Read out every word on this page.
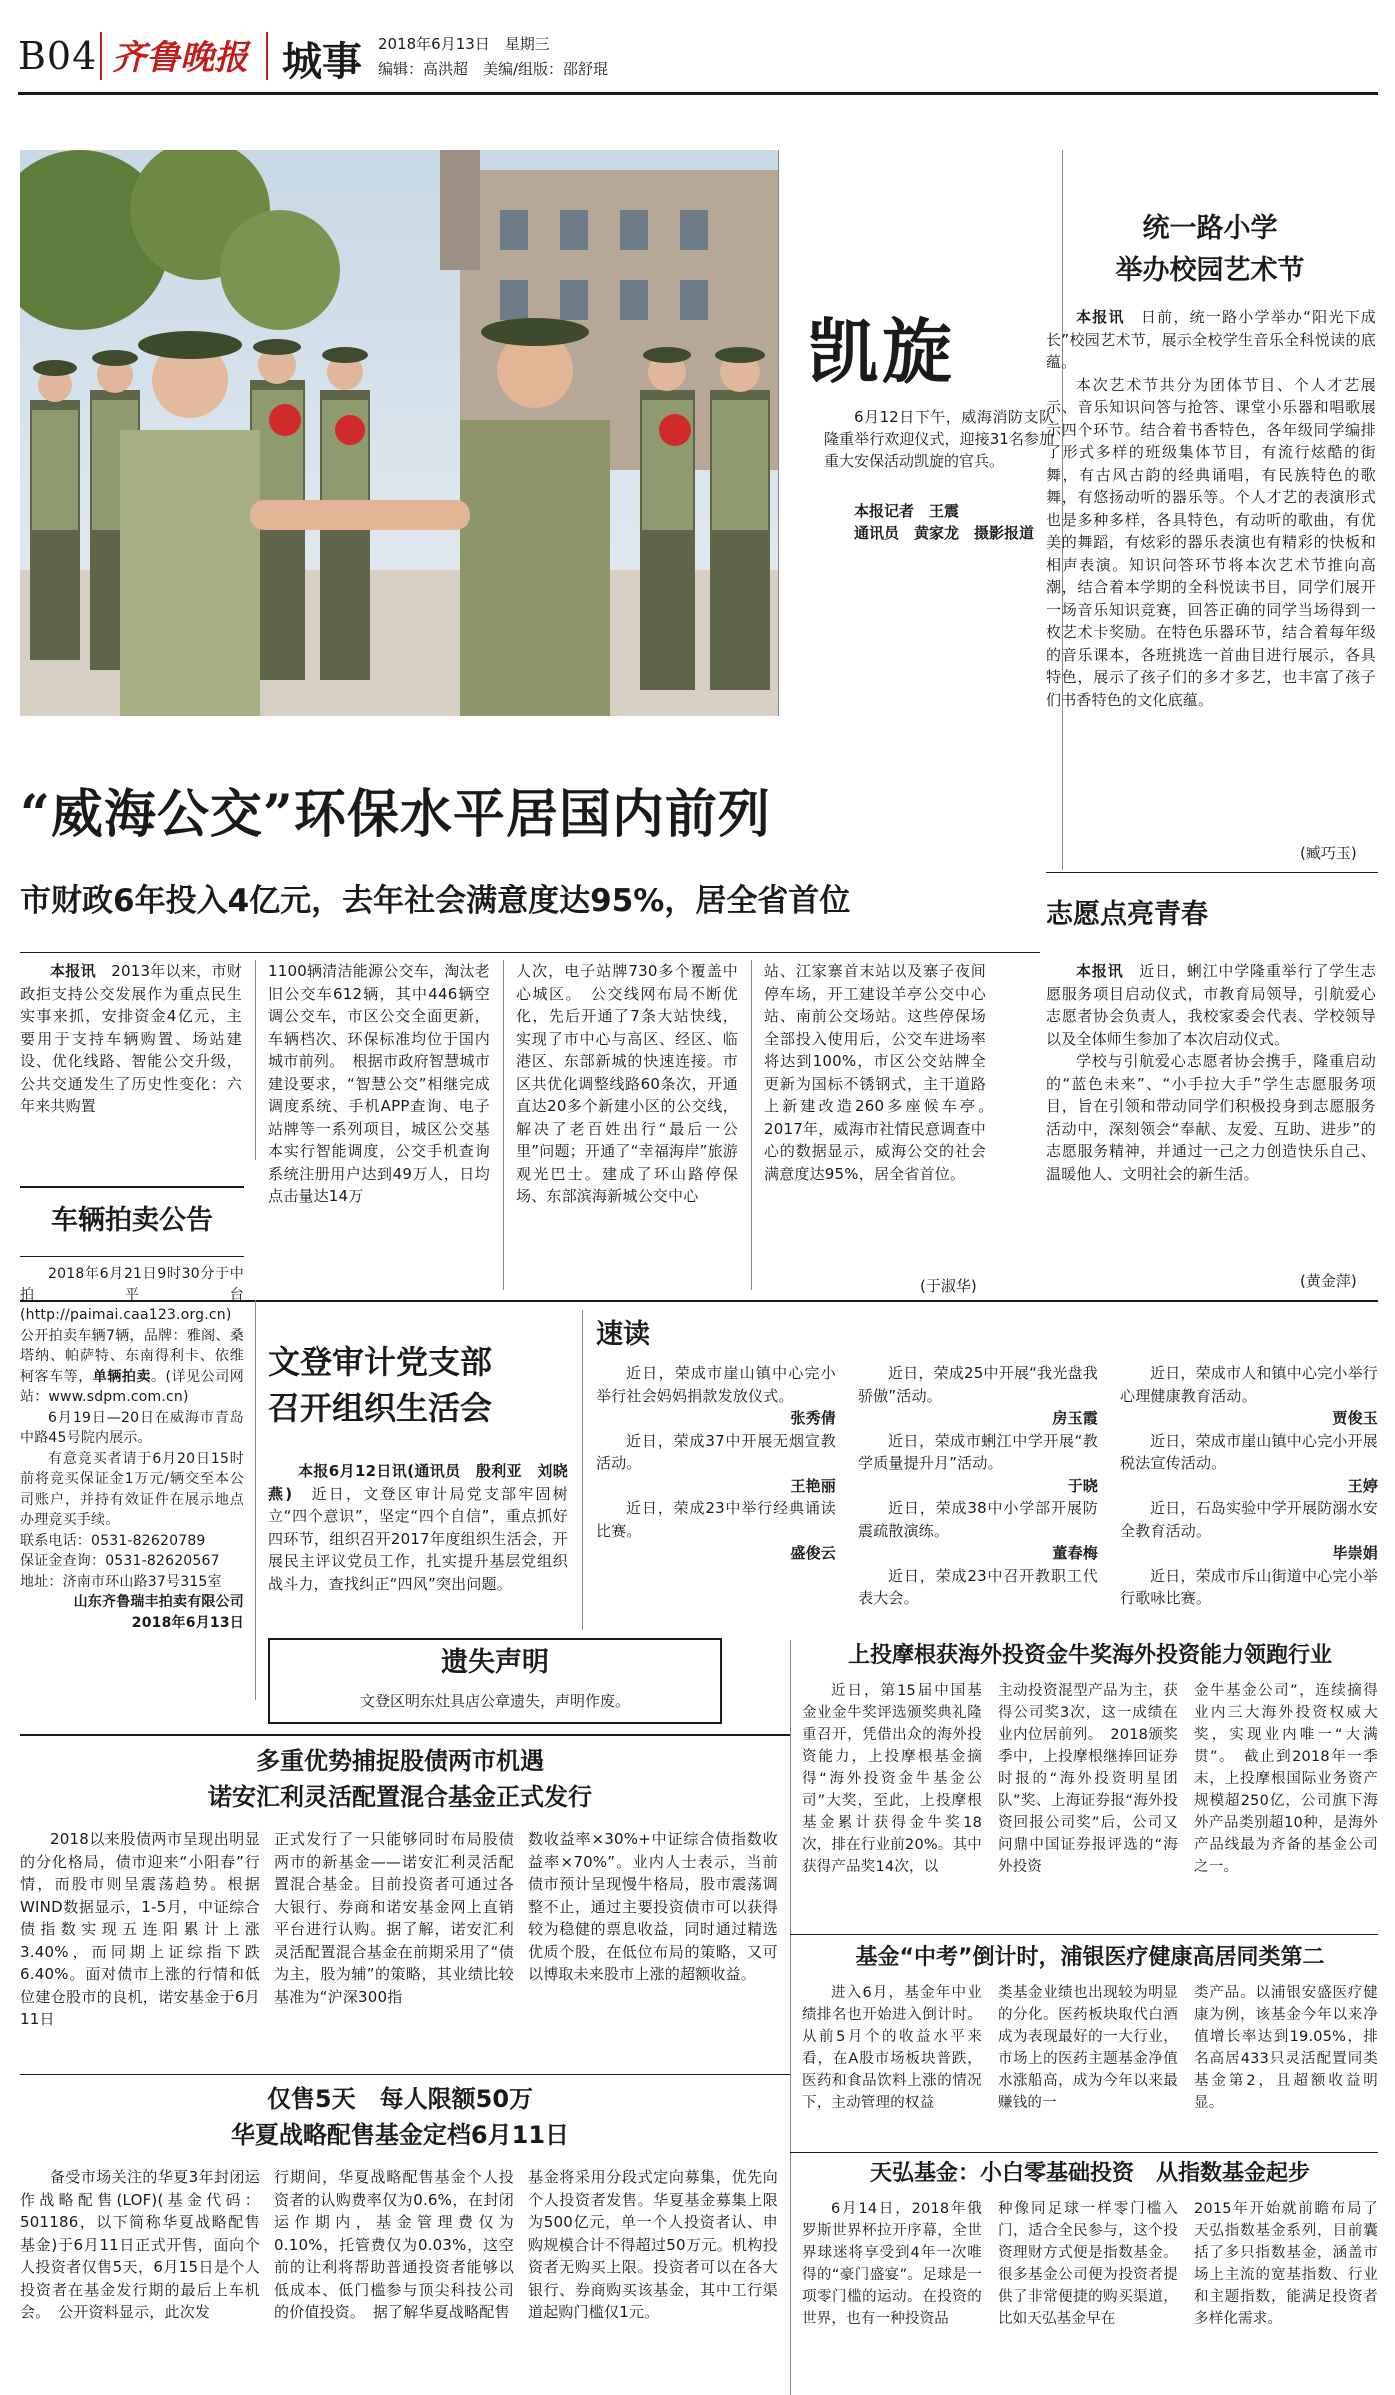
B04 齐鲁晚报 城事 2018年6月13日　星期三
编辑：高洪超　美编/组版：邵舒琨
凯旋
6月12日下午，威海消防支队隆重举行欢迎仪式，迎接31名参加重大安保活动凯旋的官兵。
本报记者　王震
通讯员　黄家龙　摄影报道
统一路小学
举办校园艺术节

本报讯　 日前，统一路小学举办“阳光下成长”校园艺术节，展示全校学生音乐全科悦读的底蕴。

本次艺术节共分为团体节目、个人才艺展示、音乐知识问答与抢答、课堂小乐器和唱歌展示四个环节。结合着书香特色，各年级同学编排了形式多样的班级集体节目，有流行炫酷的街舞，有古风古韵的经典诵唱，有民族特色的歌舞，有悠扬动听的器乐等。个人才艺的表演形式也是多种多样，各具特色，有动听的歌曲，有优美的舞蹈，有炫彩的器乐表演也有精彩的快板和相声表演。知识问答环节将本次艺术节推向高潮，结合着本学期的全科悦读书目，同学们展开一场音乐知识竞赛，回答正确的同学当场得到一枚艺术卡奖励。在特色乐器环节，结合着每年级的音乐课本，各班挑选一首曲目进行展示，各具特色，展示了孩子们的多才多艺，也丰富了孩子们书香特色的文化底蕴。

(臧巧玉)
“威海公交”环保水平居国内前列
市财政6年投入4亿元，去年社会满意度达95%，居全省首位

本报讯　 2013年以来，市财政拒支持公交发展作为重点民生实事来抓，安排资金4亿元，主要用于支持车辆购置、场站建设、优化线路、智能公交升级，公共交通发生了历史性变化：六年来共购置

1100辆清洁能源公交车，淘汰老旧公交车612辆，其中446辆空调公交车，市区公交全面更新，车辆档次、环保标准均位于国内城市前列。　根据市政府智慧城市建设要求，“智慧公交”相继完成调度系统、手机APP查询、电子站牌等一系列项目，城区公交基本实行智能调度，公交手机查询系统注册用户达到49万人，日均点击量达14万
人次，电子站牌730多个覆盖中心城区。　公交线网布局不断优化，先后开通了7条大站快线，实现了市中心与高区、经区、临港区、东部新城的快速连接。市区共优化调整线路60条次，开通直达20多个新建小区的公交线，解决了老百姓出行“最后一公里”问题；开通了“幸福海岸”旅游观光巴士。建成了环山路停保场、东部滨海新城公交中心
站、江家寨首末站以及寨子夜间停车场，开工建设羊亭公交中心站、南前公交场站。这些停保场全部投入使用后，公交车进场率将达到100%，市区公交站牌全更新为国标不锈钢式，主干道路上新建改造260多座候车亭。　2017年，威海市社情民意调查中心的数据显示，威海公交的社会满意度达95%，居全省首位。
(于淑华)
志愿点亮青春

本报讯　 近日，蜊江中学隆重举行了学生志愿服务项目启动仪式，市教育局领导，引航爱心志愿者协会负责人，我校家委会代表、学校领导以及全体师生参加了本次启动仪式。

学校与引航爱心志愿者协会携手，隆重启动的“蓝色未来”、“小手拉大手”学生志愿服务项目，旨在引领和带动同学们积极投身到志愿服务活动中，深刻领会“奉献、友爱、互助、进步”的志愿服务精神，并通过一己之力创造快乐自己、温暖他人、文明社会的新生活。

(黄金萍)
车辆拍卖公告

2018年6月21日9时30分于中拍平台(http://paimai.caa123.org.cn)公开拍卖车辆7辆，品牌：雅阁、桑塔纳、帕萨特、东南得利卡、依维柯客车等，单辆拍卖。(详见公司网站：www.sdpm.com.cn)

6月19日—20日在威海市青岛中路45号院内展示。

有意竞买者请于6月20日15时前将竞买保证金1万元/辆交至本公司账户，并持有效证件在展示地点办理竞买手续。

联系电话：0531-82620789
保证金查询：0531-82620567
地址：济南市环山路37号315室
山东齐鲁瑞丰拍卖有限公司
2018年6月13日
文登审计党支部
召开组织生活会

本报6月12日讯(通讯员　殷利亚　刘晓燕)　 近日，文登区审计局党支部牢固树立“四个意识”，坚定“四个自信”，重点抓好四环节，组织召开2017年度组织生活会，开展民主评议党员工作，扎实提升基层党组织战斗力，查找纠正“四风”突出问题。

速读

近日，荣成市崖山镇中心完小举行社会妈妈捐款发放仪式。

张秀倩

近日，荣成37中开展无烟宣教活动。

王艳丽

近日，荣成23中举行经典诵读比赛。

盛俊云

近日，荣成25中开展“我光盘我骄傲”活动。

房玉霞

近日，荣成市蜊江中学开展“教学质量提升月”活动。

于晓

近日，荣成38中小学部开展防震疏散演练。

董春梅

近日，荣成23中召开教职工代表大会。

近日，荣成市人和镇中心完小举行心理健康教育活动。

贾俊玉

近日，荣成市崖山镇中心完小开展税法宣传活动。

王婷

近日，石岛实验中学开展防溺水安全教育活动。

毕崇娟

近日，荣成市斥山街道中心完小举行歌咏比赛。

遗失声明
文登区明东灶具店公章遗失，声明作废。
多重优势捕捉股债两市机遇
诺安汇利灵活配置混合基金正式发行

2018以来股债两市呈现出明显的分化格局，债市迎来“小阳春”行情，而股市则呈震荡趋势。根据WIND数据显示，1-5月，中证综合债指数实现五连阳累计上涨3.40%，而同期上证综指下跌6.40%。面对债市上涨的行情和低位建仓股市的良机，诺安基金于6月11日

正式发行了一只能够同时布局股债两市的新基金——诺安汇利灵活配置混合基金。目前投资者可通过各大银行、券商和诺安基金网上直销平台进行认购。据了解，诺安汇利灵活配置混合基金在前期采用了“债为主，股为辅”的策略，其业绩比较基准为“沪深300指
数收益率×30%+中证综合债指数收益率×70%”。业内人士表示，当前债市预计呈现慢牛格局，股市震荡调整不止，通过主要投资债市可以获得较为稳健的票息收益，同时通过精选优质个股，在低位布局的策略，又可以博取未来股市上涨的超额收益。
仅售5天　每人限额50万
华夏战略配售基金定档6月11日

备受市场关注的华夏3年封闭运作战略配售(LOF)(基金代码：501186，以下简称华夏战略配售基金)于6月11日正式开售，面向个人投资者仅售5天，6月15日是个人投资者在基金发行期的最后上车机会。　公开资料显示，此次发

行期间，华夏战略配售基金个人投资者的认购费率仅为0.6%，在封闭运作期内，基金管理费仅为0.10%，托管费仅为0.03%，这空前的让利将帮助普通投资者能够以低成本、低门槛参与顶尖科技公司的价值投资。　据了解华夏战略配售
基金将采用分段式定向募集，优先向个人投资者发售。华夏基金募集上限为500亿元，单一个人投资者认、申购规模合计不得超过50万元。机构投资者无购买上限。投资者可以在各大银行、券商购买该基金，其中工行渠道起购门槛仅1元。
上投摩根获海外投资金牛奖海外投资能力领跑行业

近日，第15届中国基金业金牛奖评选颁奖典礼隆重召开，凭借出众的海外投资能力，上投摩根基金摘得“海外投资金牛基金公司”大奖，至此，上投摩根基金累计获得金牛奖18次，排在行业前20%。其中获得产品奖14次，以

主动投资混型产品为主，获得公司奖3次，这一成绩在业内位居前列。　2018颁奖季中，上投摩根继捧回证券时报的“海外投资明星团队”奖、上海证券报“海外投资回报公司奖”后，公司又问鼎中国证券报评选的“海外投资
金牛基金公司”，连续摘得业内三大海外投资权威大奖，实现业内唯一“大满贯”。　截止到2018年一季末，上投摩根国际业务资产规模超250亿，公司旗下海外产品类别超10种，是海外产品线最为齐备的基金公司之一。
基金“中考”倒计时，浦银医疗健康高居同类第二

进入6月，基金年中业绩排名也开始进入倒计时。从前5月个的收益水平来看，在A股市场板块普跌，医药和食品饮料上涨的情况下，主动管理的权益

类基金业绩也出现较为明显的分化。医药板块取代白酒成为表现最好的一大行业，市场上的医药主题基金净值水涨船高，成为今年以来最赚钱的一
类产品。以浦银安盛医疗健康为例，该基金今年以来净值增长率达到19.05%，排名高居433只灵活配置同类基金第2，且超额收益明显。
天弘基金：小白零基础投资　从指数基金起步

6月14日，2018年俄罗斯世界杯拉开序幕，全世界球迷将享受到4年一次唯得的“豪门盛宴”。足球是一项零门槛的运动。在投资的世界，也有一种投资品

种像同足球一样零门槛入门，适合全民参与，这个投资理财方式便是指数基金。很多基金公司便为投资者提供了非常便捷的购买渠道，比如天弘基金早在
2015年开始就前瞻布局了天弘指数基金系列，目前囊括了多只指数基金，涵盖市场上主流的宽基指数、行业和主题指数，能满足投资者多样化需求。
